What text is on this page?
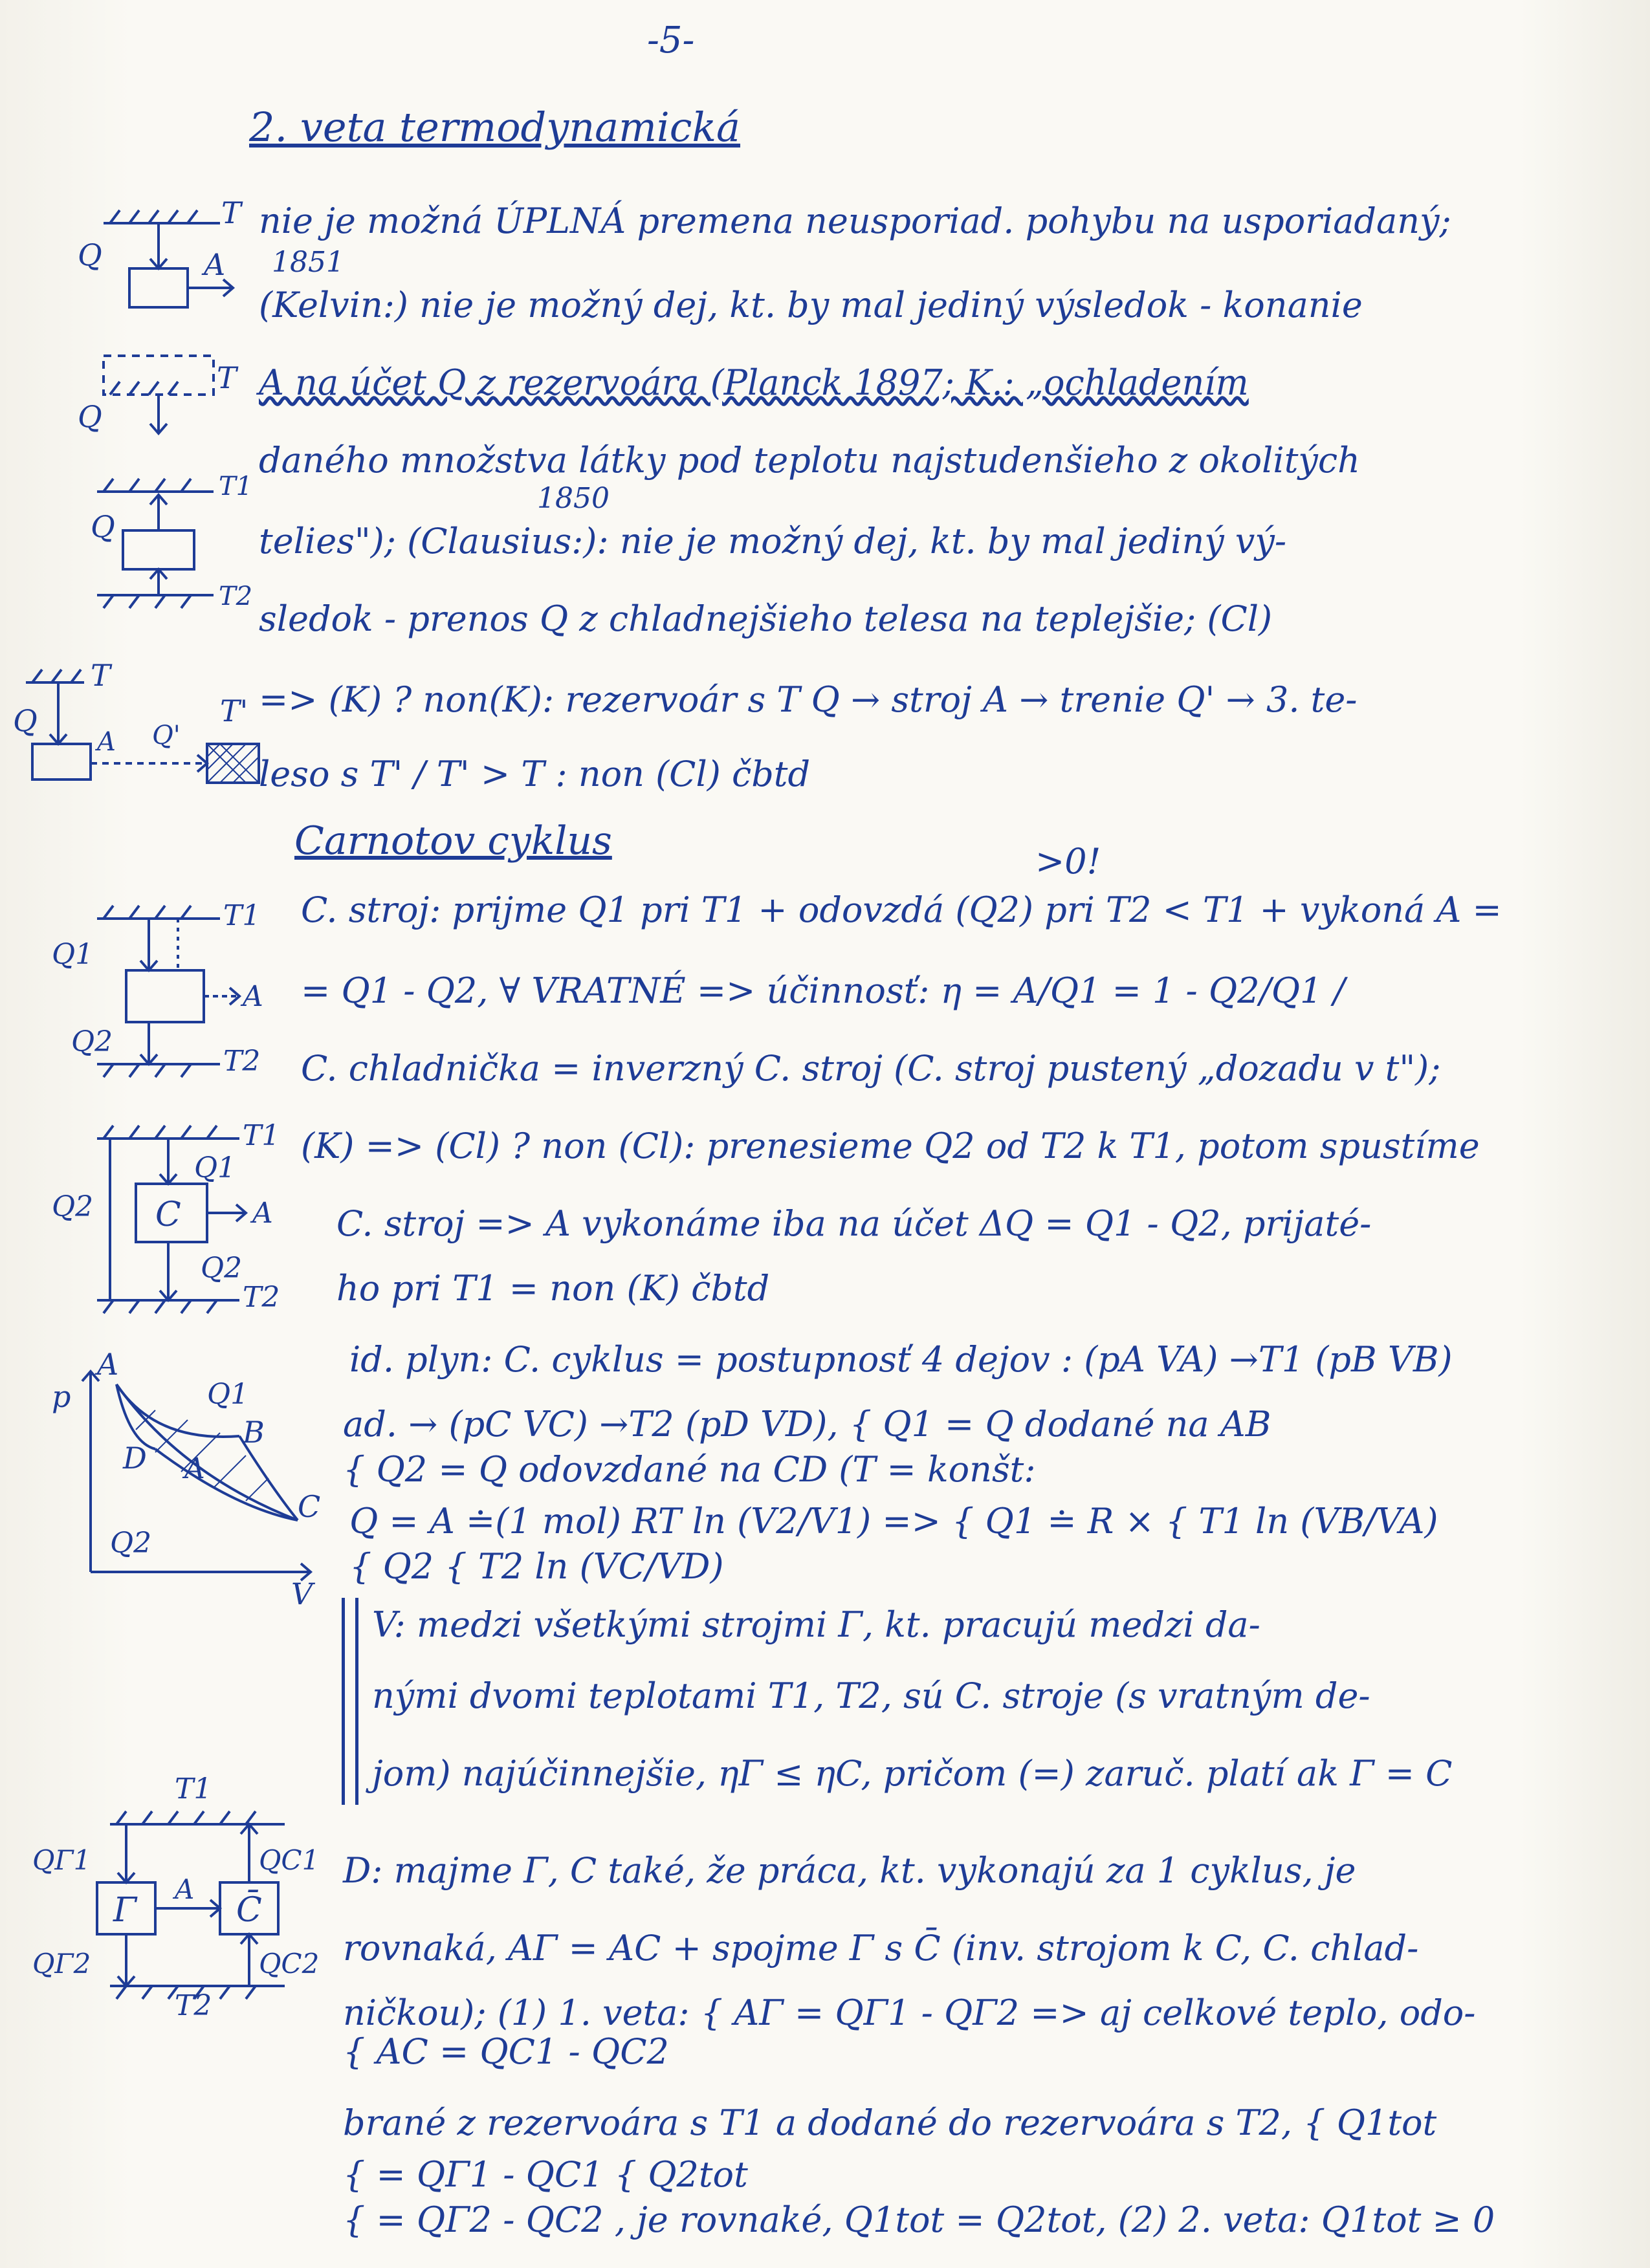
-5-
2. veta termodynamická
1851
nie je možná ÚPLNÁ premena neusporiad. pohybu na usporiadaný;
(Kelvin:) nie je možný dej, kt. by mal jediný výsledok - konanie
A na účet Q z rezervoára (Planck 1897; K.: „ochladením
daného množstva látky pod teplotu najstudenšieho z okolitých
1850
telies"); (Clausius:): nie je možný dej, kt. by mal jediný vý-
sledok - prenos Q z chladnejšieho telesa na teplejšie; (Cl)
=> (K) ? non(K): rezervoár s T Q → stroj A → trenie Q' → 3. te-
leso s T' / T' > T : non (Cl) čbtd
Carnotov cyklus	>0!
C. stroj: prijme Q1 pri T1 + odovzdá (Q2) pri T2 < T1 + vykoná A =
= Q1 - Q2, ∀ VRATNÉ => účinnosť: η = A/Q1 = 1 - Q2/Q1 /
C. chladnička = inverzný C. stroj (C. stroj pustený „dozadu v t");
(K) => (Cl) ? non (Cl): prenesieme Q2 od T2 k T1, potom spustíme
C. stroj => A vykonáme iba na účet ΔQ = Q1 - Q2, prijaté-
ho pri T1 = non (K) čbtd
id. plyn: C. cyklus = postupnosť 4 dejov : (pA VA) →T1 (pB VB)
ad. → (pC VC) →T2 (pD VD), { Q1 = Q dodané na AB
{ Q2 = Q odovzdané na CD (T = konšt:
Q = A ≐(1 mol) RT ln (V2/V1) => { Q1 ≐ R × { T1 ln (VB/VA)
{ Q2 { T2 ln (VC/VD)
V: medzi všetkými strojmi Γ, kt. pracujú medzi da-
nými dvomi teplotami T1, T2, sú C. stroje (s vratným de-
jom) najúčinnejšie, ηΓ ≤ ηC, pričom (=) zaruč. platí ak Γ = C
D: majme Γ, C také, že práca, kt. vykonajú za 1 cyklus, je
rovnaká, AΓ = AC + spojme Γ s C̄ (inv. strojom k C, C. chlad-
ničkou); (1) 1. veta: { AΓ = QΓ1 - QΓ2 => aj celkové teplo, odo-
{ AC = QC1 - QC2
brané z rezervoára s T1 a dodané do rezervoára s T2, { Q1tot
{ = QΓ1 - QC1 { Q2tot
{ = QΓ2 - QC2 , je rovnaké, Q1tot = Q2tot, (2) 2. veta: Q1tot ≥ 0
T
Q	A
T
Q
Q
T1
T2
T
T'
Q
A Q'
T1
T2
Q1
Q2
A
C
T1
T2
Q1
Q2
Q2	A
A
B
C
D
p
V
Q1
Q2
A
T1
Γ	C̄
T2
QΓ1
QΓ2
QC1
QC2
A
